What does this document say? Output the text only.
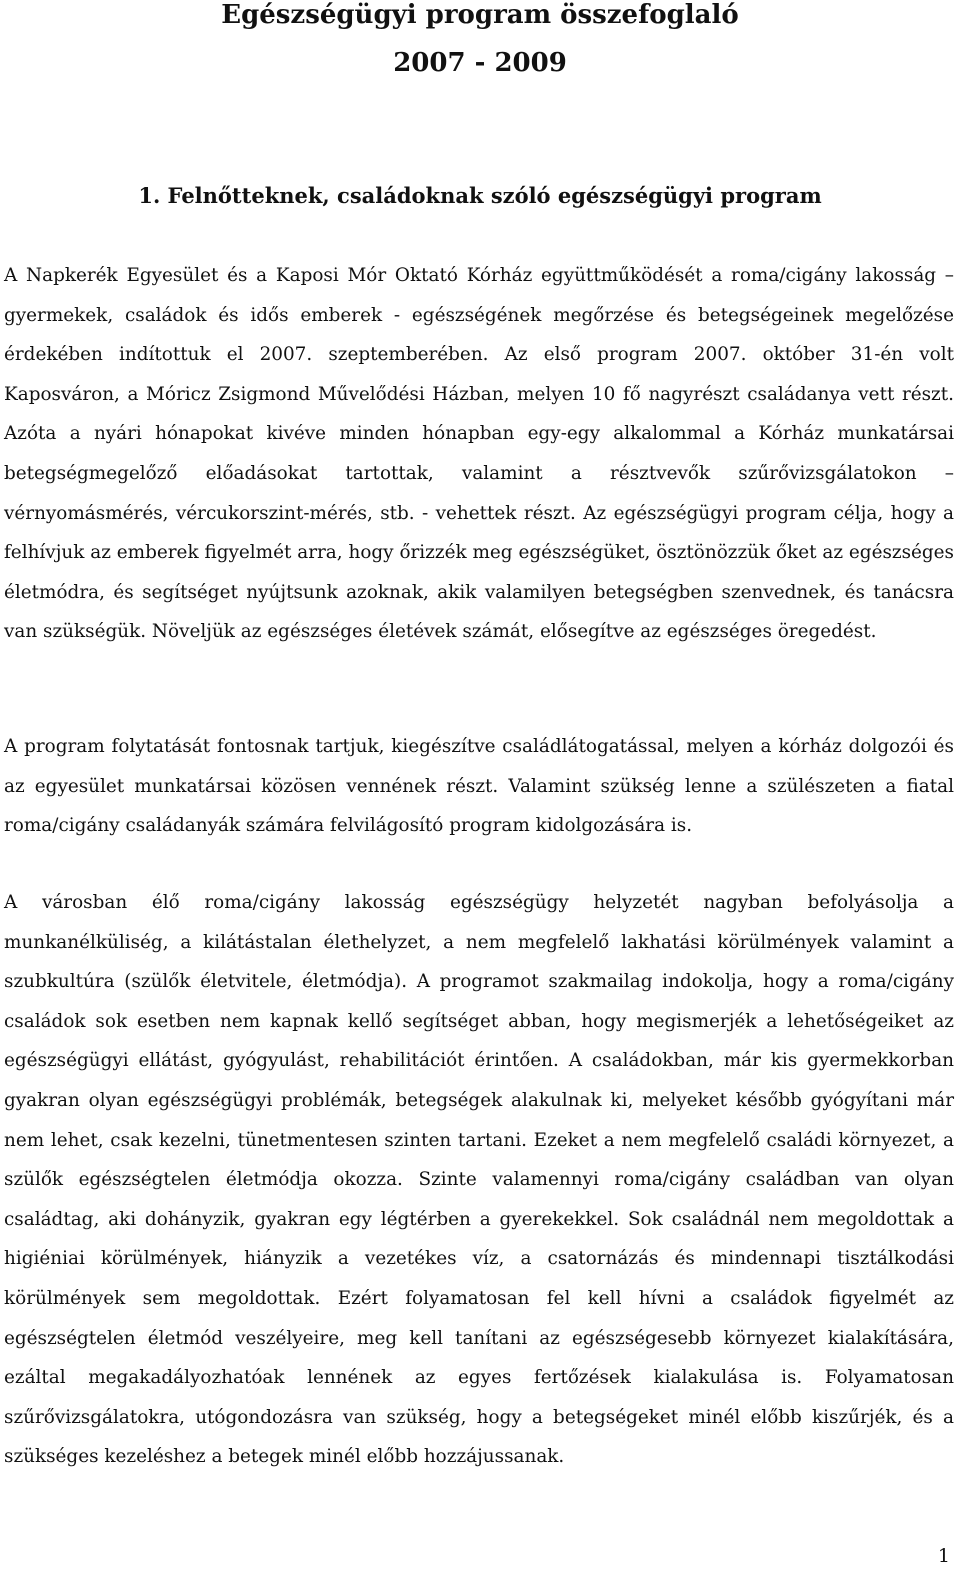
Egészségügyi program összefoglaló
2007 - 2009
1. Felnőtteknek, családoknak szóló egészségügyi program

A Napkerék Egyesület és a Kaposi Mór Oktató Kórház együttműködését a roma/cigány lakosság – gyermekek, családok és idős emberek - egészségének megőrzése és betegségeinek megelőzése érdekében indítottuk el 2007. szeptemberében. Az első program 2007. október 31-én volt Kaposváron, a Móricz Zsigmond Művelődési Házban, melyen 10 fő nagyrészt családanya vett részt. Azóta a nyári hónapokat kivéve minden hónapban egy-egy alkalommal a Kórház munkatársai betegségmegelőző előadásokat tartottak, valamint a résztvevők szűrővizsgálatokon – vérnyomásmérés, vércukorszint-mérés, stb. - vehettek részt. Az egészségügyi program célja, hogy a felhívjuk az emberek figyelmét arra, hogy őrizzék meg egészségüket, ösztönözzük őket az egészséges életmódra, és segítséget nyújtsunk azoknak, akik valamilyen betegségben szenvednek, és tanácsra van szükségük. Növeljük az egészséges életévek számát, elősegítve az egészséges öregedést.

A program folytatását fontosnak tartjuk, kiegészítve családlátogatással, melyen a kórház dolgozói és az egyesület munkatársai közösen vennének részt. Valamint szükség lenne a szülészeten a fiatal roma/cigány családanyák számára felvilágosító program kidolgozására is.

A városban élő roma/cigány lakosság egészségügy helyzetét nagyban befolyásolja a munkanélküliség, a kilátástalan élethelyzet, a nem megfelelő lakhatási körülmények valamint a szubkultúra (szülők életvitele, életmódja). A programot szakmailag indokolja, hogy a roma/cigány családok sok esetben nem kapnak kellő segítséget abban, hogy megismerjék a lehetőségeiket az egészségügyi ellátást, gyógyulást, rehabilitációt érintően. A családokban, már kis gyermekkorban gyakran olyan egészségügyi problémák, betegségek alakulnak ki, melyeket később gyógyítani már nem lehet, csak kezelni, tünetmentesen szinten tartani. Ezeket a nem megfelelő családi környezet, a szülők egészségtelen életmódja okozza. Szinte valamennyi roma/cigány családban van olyan családtag, aki dohányzik, gyakran egy légtérben a gyerekekkel. Sok családnál nem megoldottak a higiéniai körülmények, hiányzik a vezetékes víz, a csatornázás és mindennapi tisztálkodási körülmények sem megoldottak. Ezért folyamatosan fel kell hívni a családok figyelmét az egészségtelen életmód veszélyeire, meg kell tanítani az egészségesebb környezet kialakítására, ezáltal megakadályozhatóak lennének az egyes fertőzések kialakulása is. Folyamatosan szűrővizsgálatokra, utógondozásra van szükség, hogy a betegségeket minél előbb kiszűrjék, és a szükséges kezeléshez a betegek minél előbb hozzájussanak.

1
